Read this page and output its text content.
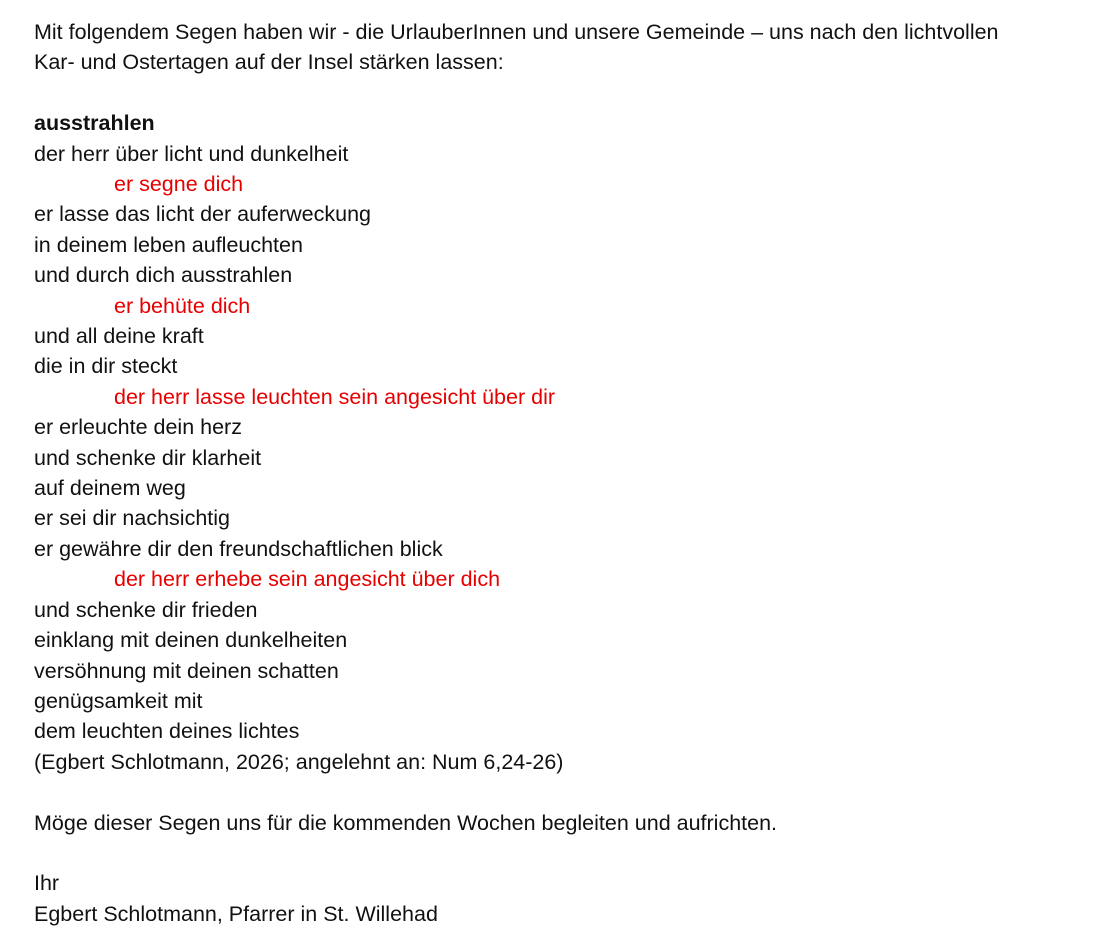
Mit folgendem Segen haben wir - die UrlauberInnen und unsere Gemeinde – uns nach den lichtvollen
Kar- und Ostertagen auf der Insel stärken lassen:
ausstrahlen
der herr über licht und dunkelheit
er segne dich
er lasse das licht der auferweckung
in deinem leben aufleuchten
und durch dich ausstrahlen
er behüte dich
und all deine kraft
die in dir steckt
der herr lasse leuchten sein angesicht über dir
er erleuchte dein herz
und schenke dir klarheit
auf deinem weg
er sei dir nachsichtig
er gewähre dir den freundschaftlichen blick
der herr erhebe sein angesicht über dich
und schenke dir frieden
einklang mit deinen dunkelheiten
versöhnung mit deinen schatten
genügsamkeit mit
dem leuchten deines lichtes
(Egbert Schlotmann, 2026; angelehnt an: Num 6,24-26)
Möge dieser Segen uns für die kommenden Wochen begleiten und aufrichten.
Ihr
Egbert Schlotmann, Pfarrer in St. Willehad
